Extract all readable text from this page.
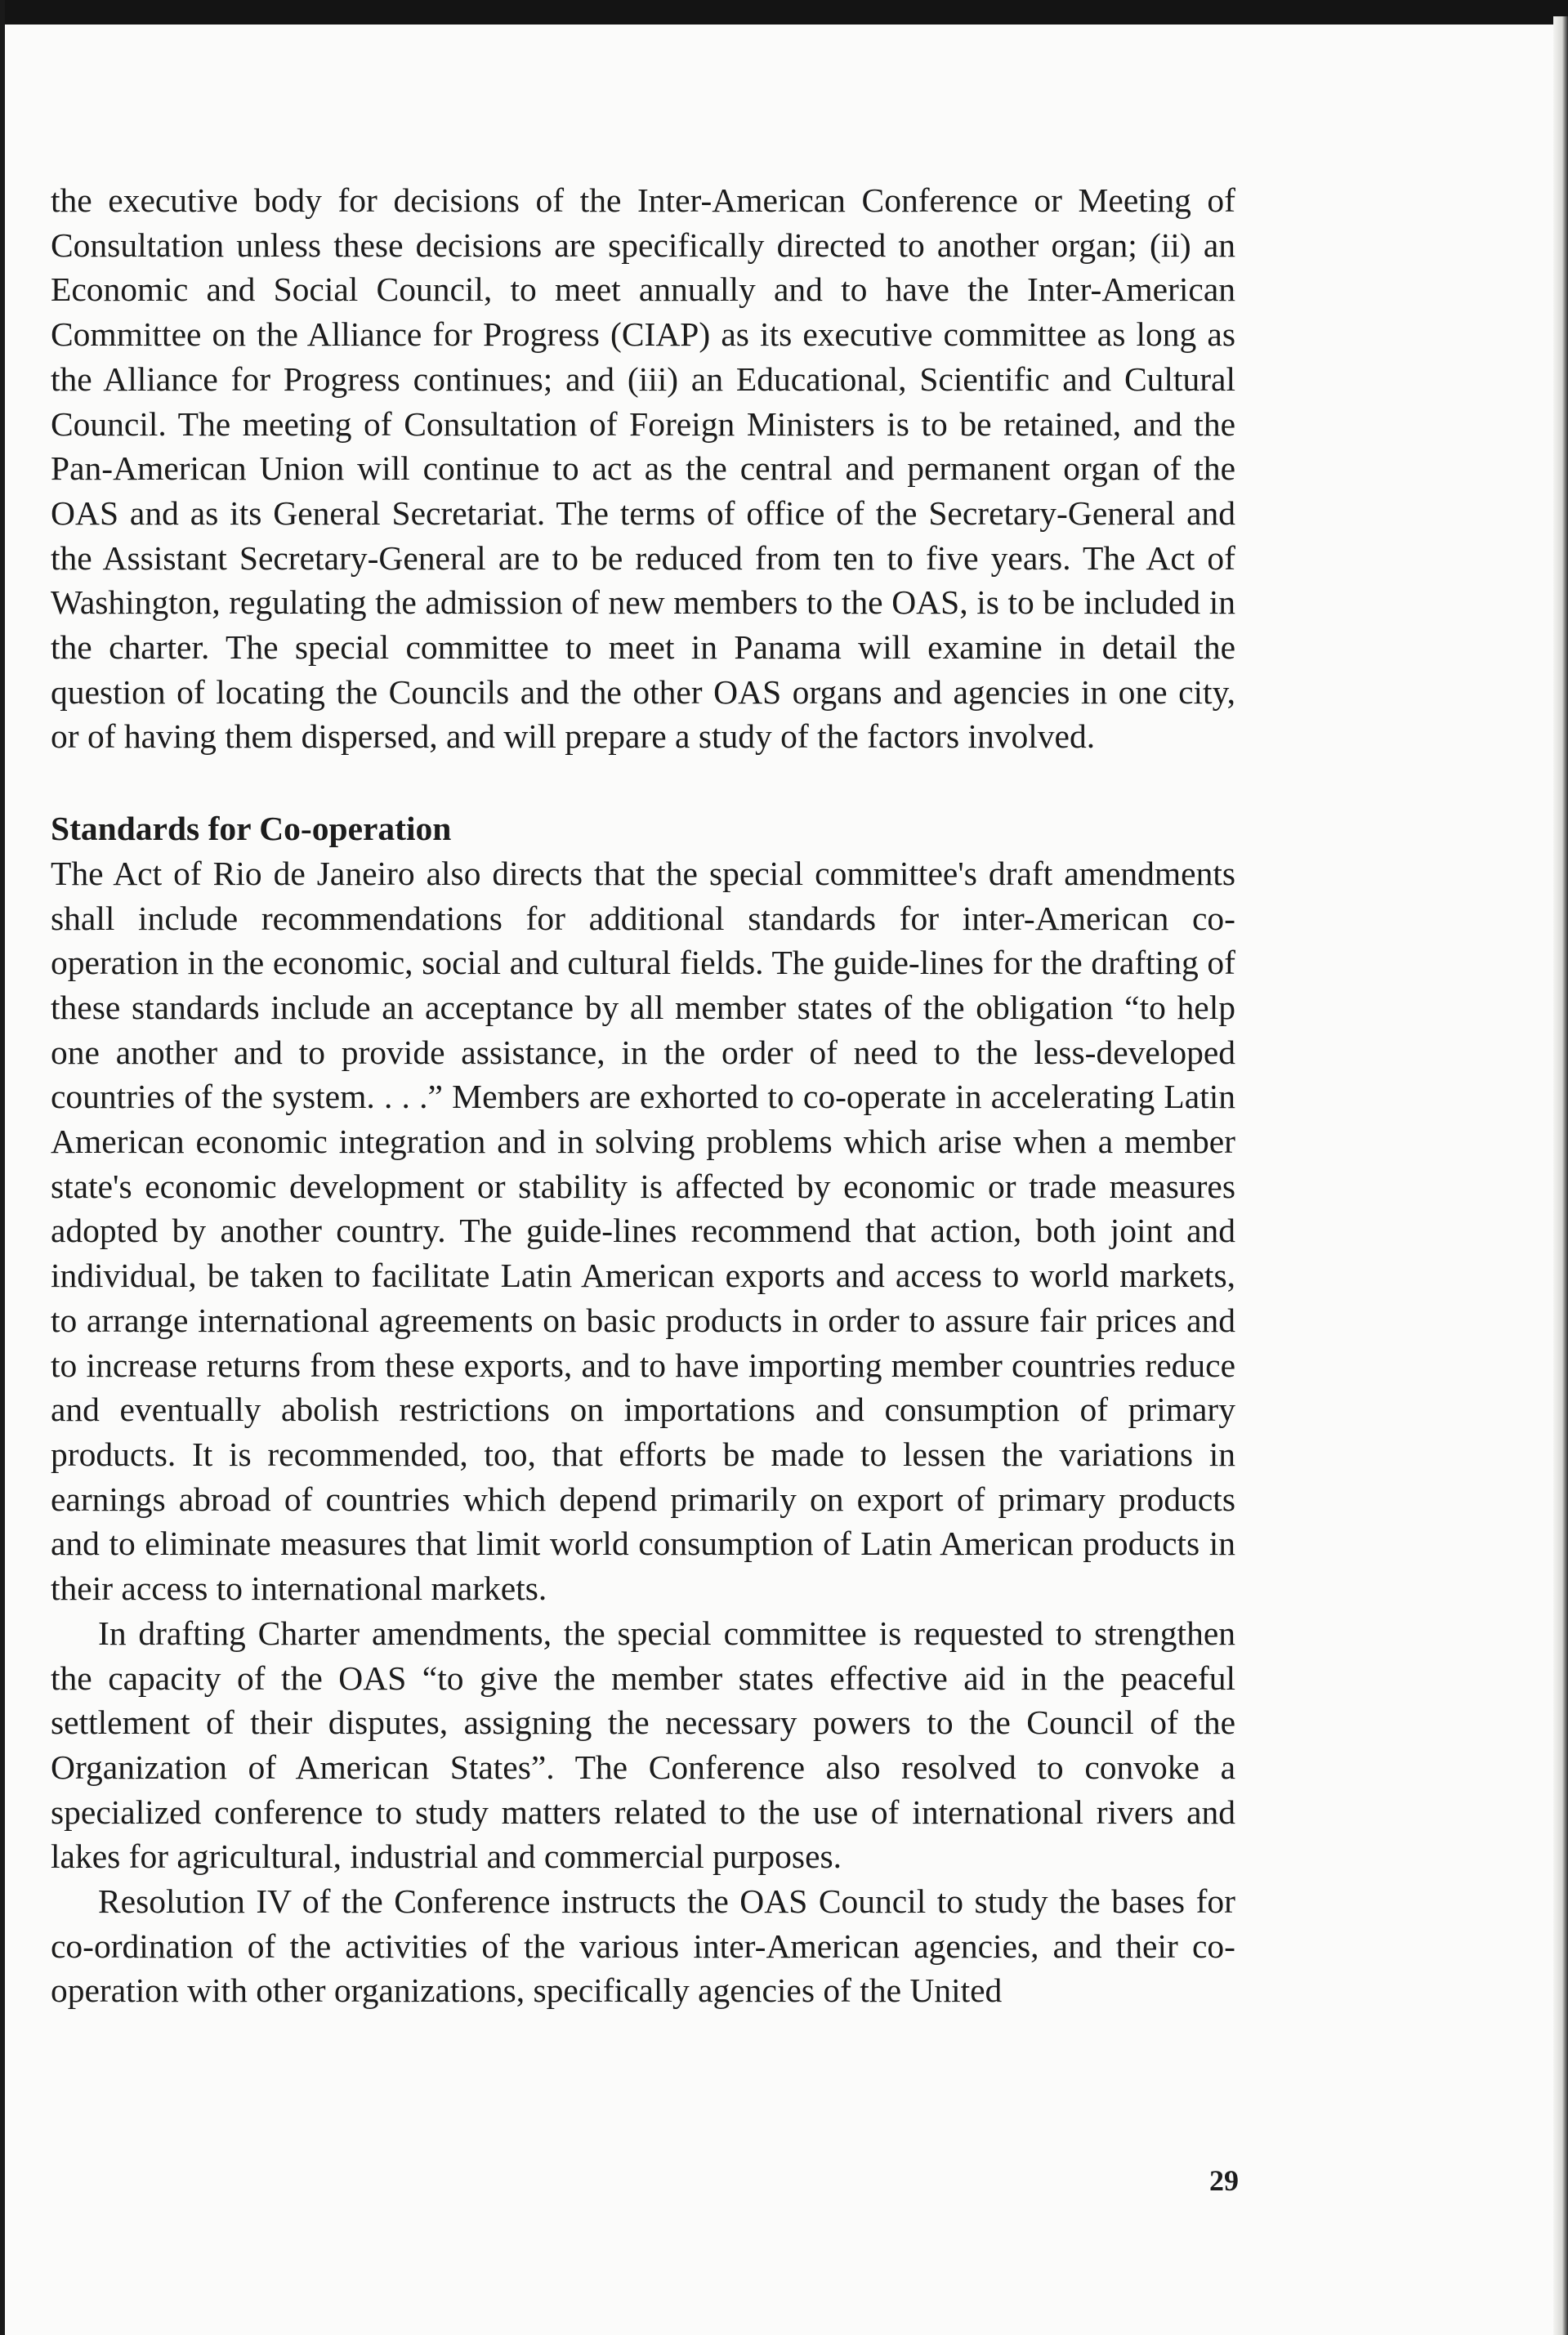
the executive body for decisions of the Inter-American Conference or Meeting of Consultation unless these decisions are specifically directed to another organ; (ii) an Economic and Social Council, to meet annually and to have the Inter-American Committee on the Alliance for Progress (CIAP) as its executive committee as long as the Alliance for Progress continues; and (iii) an Educational, Scientific and Cultural Council. The meeting of Consultation of Foreign Ministers is to be retained, and the Pan-American Union will continue to act as the central and permanent organ of the OAS and as its General Secretariat. The terms of office of the Secretary-General and the Assistant Secretary-General are to be reduced from ten to five years. The Act of Washington, regulating the admission of new members to the OAS, is to be included in the charter. The special committee to meet in Panama will examine in detail the question of locating the Councils and the other OAS organs and agencies in one city, or of having them dispersed, and will prepare a study of the factors involved.

Standards for Co-operation

The Act of Rio de Janeiro also directs that the special committee's draft amendments shall include recommendations for additional standards for inter-American co-operation in the economic, social and cultural fields. The guide-lines for the drafting of these standards include an acceptance by all member states of the obligation “to help one another and to provide assistance, in the order of need to the less-developed countries of the system. . . .” Members are exhorted to co-operate in accelerating Latin American economic integration and in solving problems which arise when a member state's economic development or stability is affected by economic or trade measures adopted by another country. The guide-lines recommend that action, both joint and individual, be taken to facilitate Latin American exports and access to world markets, to arrange international agreements on basic products in order to assure fair prices and to increase returns from these exports, and to have importing member countries reduce and eventually abolish restrictions on importations and consumption of primary products. It is recommended, too, that efforts be made to lessen the variations in earnings abroad of countries which depend primarily on export of primary products and to eliminate measures that limit world consumption of Latin American products in their access to international markets.

In drafting Charter amendments, the special committee is requested to strengthen the capacity of the OAS “to give the member states effective aid in the peaceful settlement of their disputes, assigning the necessary powers to the Council of the Organization of American States”. The Conference also resolved to convoke a specialized conference to study matters related to the use of international rivers and lakes for agricultural, industrial and commercial purposes.

Resolution IV of the Conference instructs the OAS Council to study the bases for co-ordination of the activities of the various inter-American agencies, and their co-operation with other organizations, specifically agencies of the United

29
